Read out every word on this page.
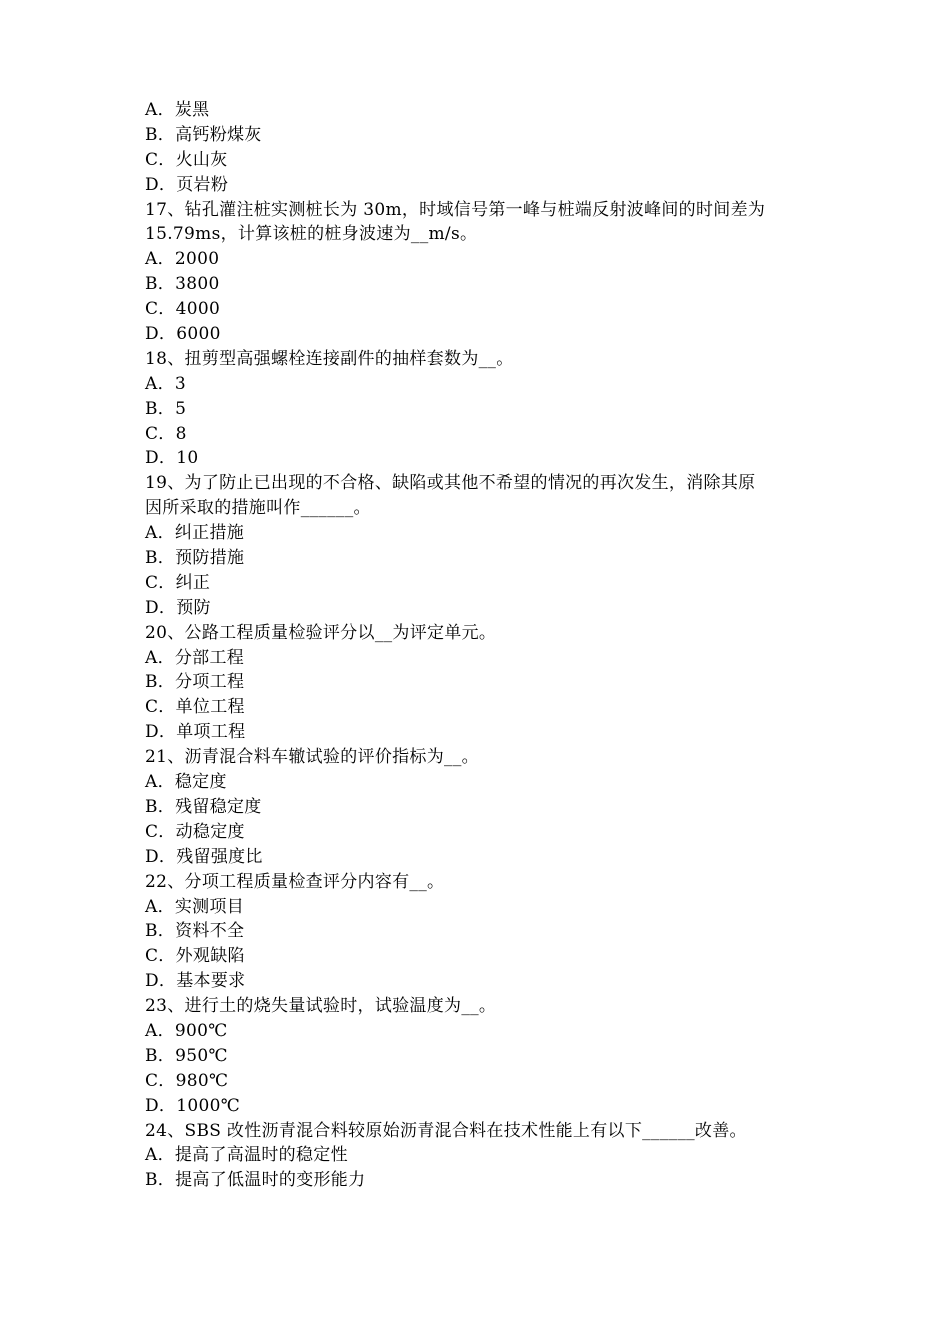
A．炭黑
B．高钙粉煤灰
C．火山灰
D．页岩粉
17、钻孔灌注桩实测桩长为 30m，时域信号第一峰与桩端反射波峰间的时间差为
15.79ms，计算该桩的桩身波速为__m/s。
A．2000
B．3800
C．4000
D．6000
18、扭剪型高强螺栓连接副件的抽样套数为__。
A．3
B．5
C．8
D．10
19、为了防止已出现的不合格、缺陷或其他不希望的情况的再次发生，消除其原
因所采取的措施叫作______。
A．纠正措施
B．预防措施
C．纠正
D．预防
20、公路工程质量检验评分以__为评定单元。
A．分部工程
B．分项工程
C．单位工程
D．单项工程
21、沥青混合料车辙试验的评价指标为__。
A．稳定度
B．残留稳定度
C．动稳定度
D．残留强度比
22、分项工程质量检查评分内容有__。
A．实测项目
B．资料不全
C．外观缺陷
D．基本要求
23、进行土的烧失量试验时，试验温度为__。
A．900℃
B．950℃
C．980℃
D．1000℃
24、SBS 改性沥青混合料较原始沥青混合料在技术性能上有以下______改善。
A．提高了高温时的稳定性
B．提高了低温时的变形能力
